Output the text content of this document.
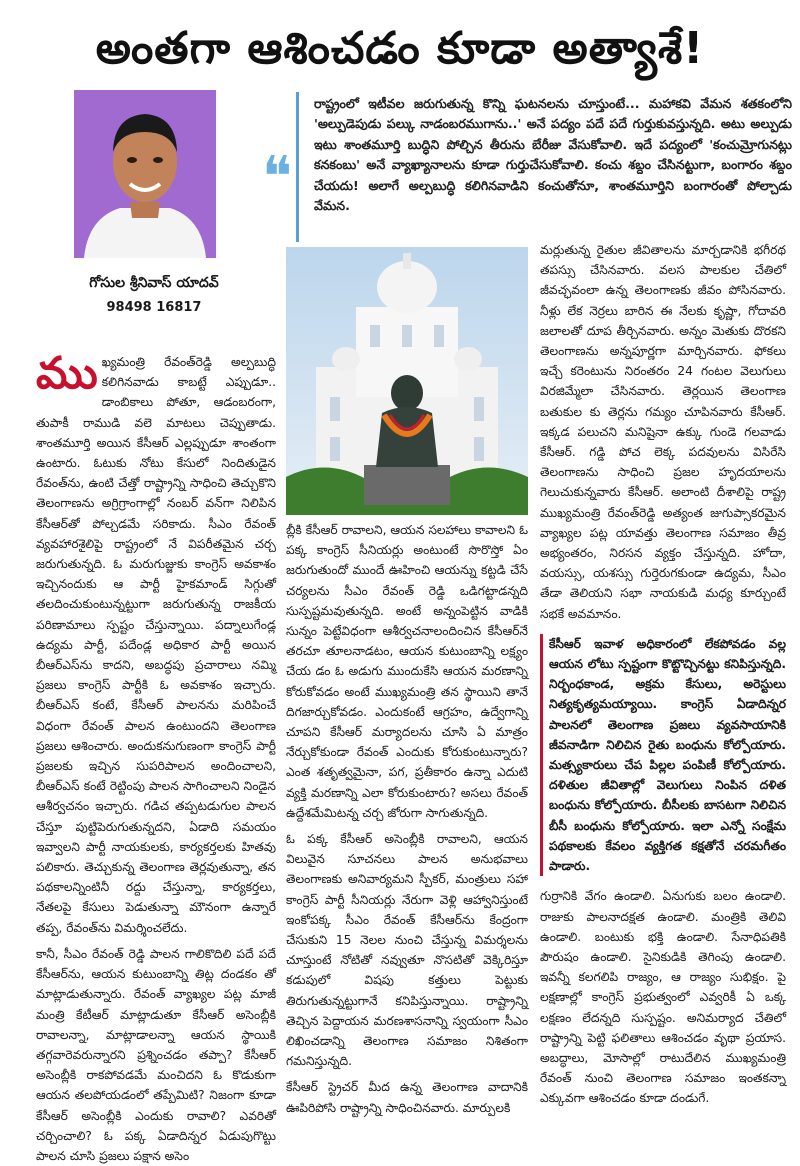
అంతగా ఆశించడం కూడా అత్యాశే!
గోసుల శ్రీనివాస్ యాదవ్
98498 16817
❝
రాష్ట్రంలో ఇటీవల జరుగుతున్న కొన్ని ఘటనలను చూస్తుంటే... మహాకవి వేమన శతకంలోని 'అల్పుడెపుడు పల్కు నాడంబరముగాను..' అనే పద్యం పదే పదే గుర్తుకువస్తున్నది. అటు అల్పుడు ఇటు శాంతమూర్తి బుద్ధిని పోల్చిన తీరును బేరీజు వేసుకోవాలి. ఇదే పద్యంలో 'కంచుమ్రోగునట్లు కనకంబు' అనే వ్యాఖ్యానాలను కూడా గుర్తుచేసుకోవాలి. కంచు శబ్దం చేసినట్టుగా, బంగారం శబ్దం చేయదు! అలాగే అల్పబుద్ధి కలిగినవాడిని కంచుతోనూ, శాంతమూర్తిని బంగారంతో పోల్చాడు వేమన.

ముఖ్యమంత్రి రేవంత్‌రెడ్డి అల్పబుద్ధి కలిగినవాడు కాబట్టే ఎప్పుడూ.. డాంబికాలు పోతూ, ఆడంబరంగా, తుపాకీ రాముడి వలె మాటలు చెప్పుతాడు. శాంతమూర్తి అయిన కేసీఆర్ ఎల్లప్పుడూ శాంతంగా ఉంటారు. ఓటుకు నోటు కేసులో నిందితుడైన రేవంత్‌ను, ఉంటి చేత్తో రాష్ట్రాన్ని సాధించి తెచ్చుకొని తెలంగాణను అగ్రిగ్రాంగాల్లో నంబర్ వన్‌గా నిలిపిన కేసీఆర్‌తో పోల్చడమే సరికాదు. సీఎం రేవంత్ వ్యవహారశైలిపై రాష్ట్రంలో నే విపరీతమైన చర్చ జరుగుతున్నది. ఓ మరుగుజ్జుకు కాంగ్రెస్ అవకాశం ఇచ్చినందుకు ఆ పార్టీ హైకమాండ్ సిగ్గుతో తలదించుకుంటున్నట్టుగా జరుగుతున్న రాజకీయ పరిణామాలు స్పష్టం చేస్తున్నాయి. పద్నాలుగేండ్ల ఉద్యమ పార్టీ, పదేండ్ల అధికార పార్టీ అయిన బీఆర్ఎస్‌ను కాదని, అబద్ధపు ప్రచారాలు నమ్మి ప్రజలు కాంగ్రెస్ పార్టీకి ఓ అవకాశం ఇచ్చారు. బీఆర్ఎస్ కంటే, కేసీఆర్ పాలనను మరిపించే విధంగా రేవంత్ పాలన ఉంటుందని తెలంగాణ ప్రజలు ఆశించారు. అందుకనుగుణంగా కాంగ్రెస్ పార్టీ ప్రజలకు ఇచ్చిన సుపరిపాలన అందించాలని, బీఆర్ఎస్ కంటే రెట్టింపు పాలన సాగించాలని నిండైన ఆశీర్వచనం ఇచ్చారు. గడిచ తప్పటడుగుల పాలన చేస్తూ పుట్టిపెరుగుతున్నదని, ఏడాది సమయం ఇవ్వాలని పార్టీ నాయకులకు, కార్యకర్తలకు హితవు పలికారు. తెచ్చుకున్న తెలంగాణ తెర్లవుతున్నా, తన పథకాలన్నింటినీ రద్దు చేస్తున్నా, కార్యకర్తలు, నేతలపై కేసులు పెడుతున్నా మౌనంగా ఉన్నారే తప్ప, రేవంత్‌ను విమర్శించలేదు.

కానీ, సీఎం రేవంత్ రెడ్డి పాలన గాలికొదిలి పదే పదే కేసీఆర్‌ను, ఆయన కుటుంబాన్ని తిట్ల దండకం తో మాట్లాడుతున్నారు. రేవంత్ వ్యాఖ్యల పట్ల మాజీ మంత్రి కేటీఆర్ మాట్లాడుతూ కేసీఆర్ అసెంబ్లీకి రావాలన్నా, మాట్లాడాలన్నా ఆయన స్థాయికి తగ్గవారెవరున్నారని ప్రశ్నించడం తప్పా? కేసీఆర్ అసెంబ్లీకి రాకపోవడమే మంచిదని ఓ కొడుకుగా ఆయన తలపోయడంలో తప్పేమిటి? నిజంగా కూడా కేసీఆర్ అసెంబ్లీకి ఎందుకు రావాలి? ఎవరితో చర్చించాలి? ఓ పక్క ఏడాదిన్నర ఏడుపుగొట్టు పాలన చూసి ప్రజలు పక్షాన అసెం

బ్లీకి కేసీఆర్ రావాలని, ఆయన సలహాలు కావాలని ఓ పక్క కాంగ్రెస్ సీనియర్లు అంటుంటే సొరొస్తో ఏం జరుగుతుందో ముందే ఊహించి ఆయన్ను కట్టడి చేసే చర్యలను సీఎం రేవంత్ రెడ్డి ఒడిగట్టాడన్నది సుస్పష్టమవుతున్నది. అంటే అన్నంపెట్టిన వాడికి సున్నం పెట్టేవిధంగా ఆశీర్వచనాలందించిన కేసీఆర్‌నే తరచూ తూలనాడటం, ఆయన కుటుంబాన్ని లక్ష్యం చేయ డం ఓ అడుగు ముందుకేసి ఆయన మరణాన్ని కోరుకోవడం అంటే ముఖ్యమంత్రి తన స్థాయిని తానే దిగజార్చుకోవడం. ఎందుకంటే ఆగ్రహం, ఉద్వేగాన్ని చూపని కేసీఆర్ మర్యాదలను చూసి ఏ మాత్రం నేర్చుకోకుండా రేవంత్ ఎందుకు కోరుకుంటున్నారు? ఎంత శతృత్వమైనా, పగ, ప్రతీకారం ఉన్నా ఎదుటి వ్యక్తి మరణాన్ని ఎలా కోరుకుంటారు? అసలు రేవంత్ ఉద్దేశమేమిటన్న చర్చ జోరుగా సాగుతున్నది.

ఓ పక్క కేసీఆర్ అసెంబ్లీకి రావాలని, ఆయన విలువైన సూచనలు పాలన అనుభవాలు తెలంగాణకు అనివార్యమని స్పీకర్, మంత్రులు సహా కాంగ్రెస్ పార్టీ సీనియర్లు నేరుగా వెళ్లి ఆహ్వానిస్తుంటే ఇంకోపక్క సీఎం రేవంత్ కేసీఆర్‌ను కేంద్రంగా చేసుకుని 15 నెలల నుంచి చేస్తున్న విమర్శలను చూస్తుంటే నోటితో నవ్వుతూ నొసటితో వెక్కిరిస్తూ కడుపులో విషపు కత్తులు పెట్టుకు తిరుగుతున్నట్టుగానే కనిపిస్తున్నాయి. రాష్ట్రాన్ని తెచ్చిన పెద్దాయన మరణశాసనాన్ని స్వయంగా సీఎం లిఖించడాన్ని తెలంగాణ సమాజం నిశితంగా గమనిస్తున్నది.

కేసీఆర్ స్ట్రెచర్ మీద ఉన్న తెలంగాణ వాదానికి ఊపిరిపోసి రాష్ట్రాన్ని సాధించినవారు. మార్పులకి

మర్లుతున్న రైతుల జీవితాలను మార్చడానికి భగీరథ తపస్సు చేసినవారు. వలస పాలకుల చేతిలో జీవచ్ఛవంలా ఉన్న తెలంగాణకు జీవం పోసినవారు. నీళ్లు లేక నెర్రలు బారిన ఈ నేలకు కృష్ణా, గోదావరి జలాలతో దూప తీర్చినవారు. అన్నం మెతుకు దొరకని తెలంగాణను అన్నపూర్ణగా మార్చినవారు. ఫోకలు ఇచ్చే కరెంటును నిరంతరం 24 గంటల వెలుగులు విరజిమ్మేలా చేసినవారు. తెర్లయిన తెలంగాణ బతుకుల కు తెర్లను గమ్యం చూపినవారు కేసీఆర్. ఇక్కడ పలుచని మనిషైనా ఉక్కు గుండె గలవాడు కేసీఆర్. గడ్డి పోచ లెక్క పదవులను విసిరేసి తెలంగాణను సాధించి ప్రజల హృదయాలను గెలుచుకున్నవారు కేసీఆర్. అలాంటి దీశాలిపై రాష్ట్ర ముఖ్యమంత్రి రేవంత్‌రెడ్డి అత్యంత జుగుప్సాకరమైన వ్యాఖ్యల పట్ల యావత్తు తెలంగాణ సమాజం తీవ్ర అభ్యంతరం, నిరసన వ్యక్తం చేస్తున్నది. హోదా, వయస్సు, యశస్సు గుర్తెరుగకుండా ఉద్యమ, సీఎం తేడా తెలియని సభా నాయకుడి మధ్య కూర్చుంటే సభకే అవమానం.

కేసీఆర్ ఇవాళ అధికారంలో లేకపోవడం వల్ల ఆయన లోటు స్పష్టంగా కొట్టొచ్చినట్టు కనిపిస్తున్నది. నిర్బంధకాండ, అక్రమ కేసులు, అరెస్టులు నిత్యకృత్యమయ్యాయి. కాంగ్రెస్ ఏడాదిన్నర పాలనలో తెలంగాణ ప్రజలు వ్యవసాయానికి జీవనాడిగా నిలిచిన రైతు బంధును కోల్పోయారు. మత్స్యకారులు చేప పిల్లల పంపిణీ కోల్పోయారు. దళితుల జీవితాల్లో వెలుగులు నింపిన దళిత బంధును కోల్పోయారు. బీసీలకు బాసటగా నిలిచిన బీసీ బంధును కోల్పోయారు. ఇలా ఎన్నో సంక్షేమ పథకాలకు కేవలం వ్యక్తిగత కక్షతోనే చరమగీతం పాడారు.

గుర్రానికి వేగం ఉండాలి. ఏనుగుకు బలం ఉండాలి. రాజుకు పాలనాదక్షత ఉండాలి. మంత్రికి తెలివి ఉండాలి. బంటుకు భక్తి ఉండాలి. సేనాధిపతికి పౌరుషం ఉండాలి. సైనికుడికి తెగింపు ఉండాలి. ఇవన్నీ కలగలిపి రాజ్యం, ఆ రాజ్యం సుభిక్షం. పై లక్షణాల్లో కాంగ్రెస్ ప్రభుత్వంలో ఎవ్వరికీ ఏ ఒక్క లక్షణం లేదన్నది సుస్పష్టం. అనిమర్యాద చేతిలో రాష్ట్రాన్ని పెట్టి ఫలితాలు ఆశించడం వృథా ప్రయాస. అబద్ధాలు, మోసాల్లో రాటుదేలిన ముఖ్యమంత్రి రేవంత్ నుంచి తెలంగాణ సమాజం ఇంతకన్నా ఎక్కువగా ఆశించడం కూడా దండుగే.
